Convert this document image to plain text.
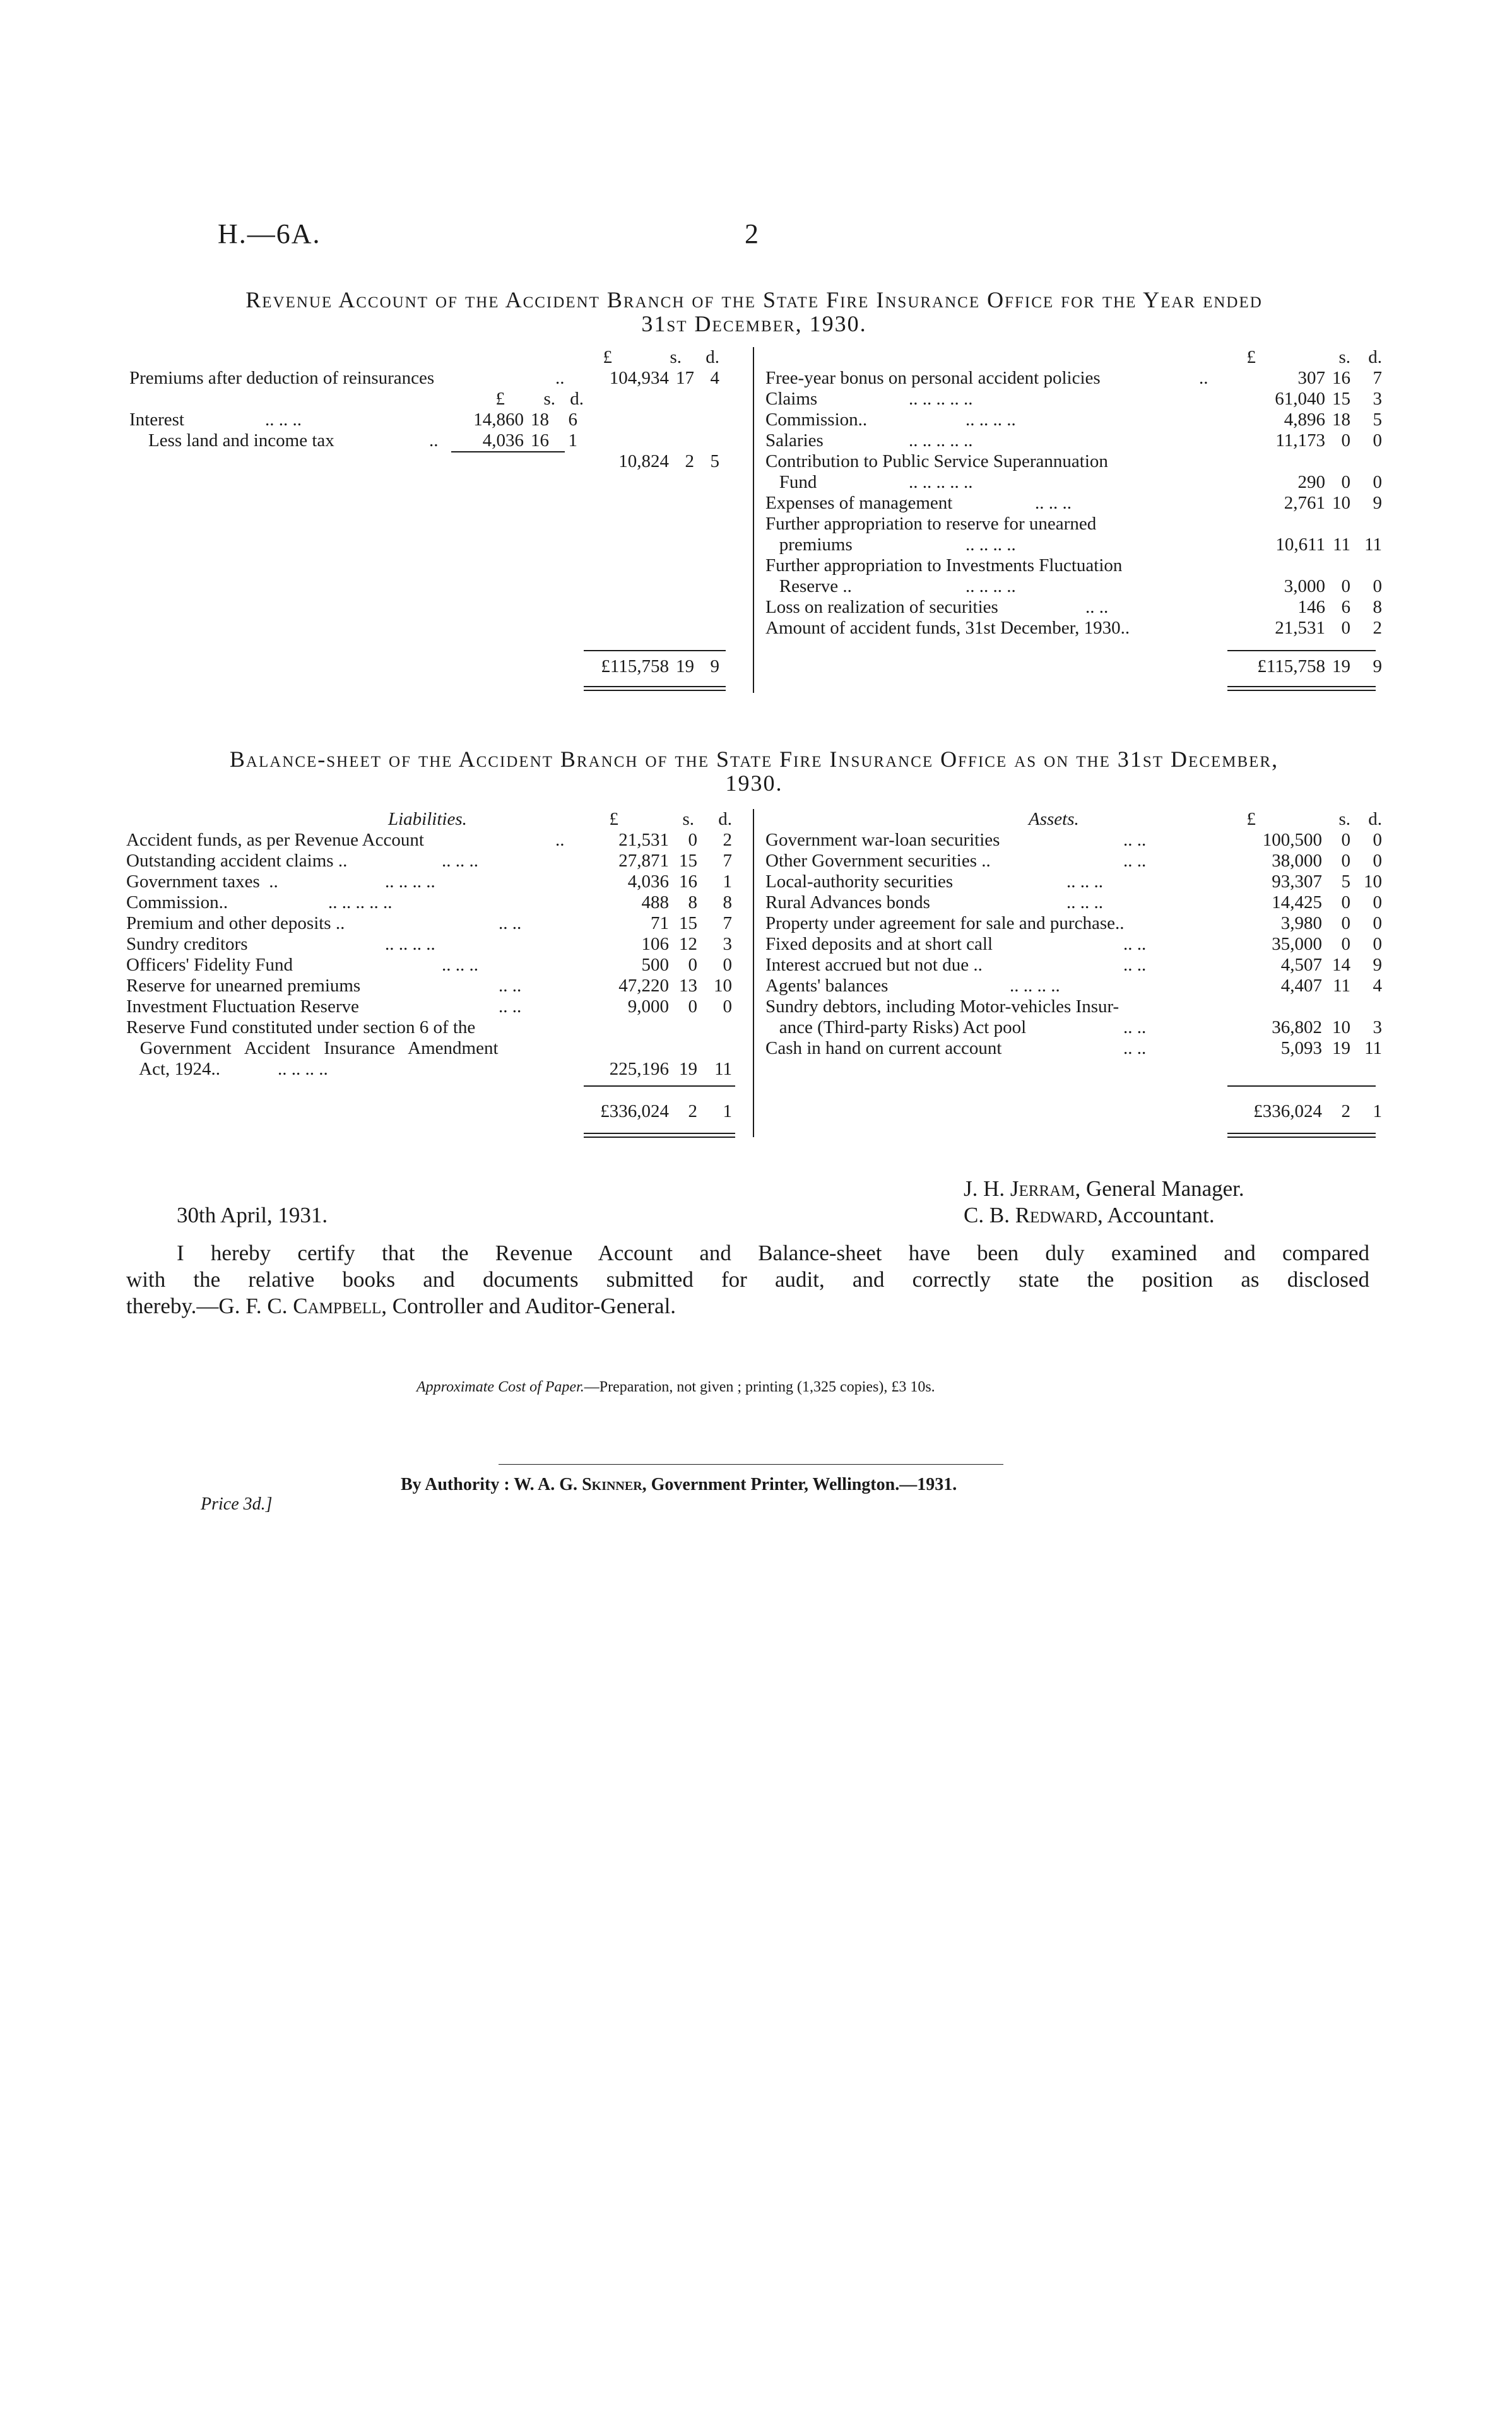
H.—6A.	2
Revenue Account of the Accident Branch of the State Fire Insurance Office for the Year ended
31st December, 1930.
£	s.	d.
Premiums after deduction of reinsurances	..	104,934 17 4
£	s. d.
Interest	.. .. ..	14,860 18	6
Less land and income tax	..	4,036 16	1
10,824 2 5
£115,758 19 9
£	s. d.
Free-year bonus on personal accident policies	..	307 16	7
Claims	.. .. .. .. ..	61,040 15	3
Commission..	.. .. .. ..	4,896 18	5
Salaries	.. .. .. .. ..	11,173 0	0
Contribution to Public Service Superannuation
Fund	.. .. .. .. ..	290 0	0
Expenses of management	.. .. ..	2,761 10	9
Further appropriation to reserve for unearned
premiums	.. .. .. ..	10,611 11 11
Further appropriation to Investments Fluctuation
Reserve ..	.. .. .. ..	3,000 0	0
Loss on realization of securities	.. ..	146 6	8
Amount of accident funds, 31st December, 1930..	21,531 0	2
£115,758 19	9
Balance-sheet of the Accident Branch of the State Fire Insurance Office as on the 31st December,
1930.
Liabilities.	£	s.	d.
Accident funds, as per Revenue Account	..	21,531	0	2
Outstanding accident claims ..	.. .. ..	27,871 15	7
Government taxes  ..	.. .. .. ..	4,036 16	1
Commission..	.. .. .. .. ..	488	8	8
Premium and other deposits ..	.. ..	71 15	7
Sundry creditors	.. .. .. ..	106 12	3
Officers' Fidelity Fund	.. .. ..	500	0	0
Reserve for unearned premiums	.. ..	47,220 13 10
Investment Fluctuation Reserve	.. ..	9,000	0	0
Reserve Fund constituted under section 6 of the
Government   Accident   Insurance   Amendment
Act, 1924..	.. .. .. ..	225,196 19 11
£336,024	2	1
Assets.	£	s. d.
Government war-loan securities	.. ..	100,500	0	0
Other Government securities ..	.. ..	38,000	0	0
Local-authority securities	.. .. ..	93,307	5 10
Rural Advances bonds	.. .. ..	14,425	0	0
Property under agreement for sale and purchase..	3,980	0	0
Fixed deposits and at short call	.. ..	35,000	0	0
Interest accrued but not due ..	.. ..	4,507 14	9
Agents' balances	.. .. .. ..	4,407 11	4
Sundry debtors, including Motor-vehicles Insur-
ance (Third-party Risks) Act pool	.. ..	36,802 10	3
Cash in hand on current account	.. ..	5,093 19 11
£336,024	2	1
J. H. Jerram, General Manager.
30th April, 1931.	C. B. Redward, Accountant.
I hereby certify that the Revenue Account and Balance-sheet have been duly examined and compared
with the relative books and documents submitted for audit, and correctly state the position as disclosed
thereby.—G. F. C. Campbell, Controller and Auditor-General.
Approximate Cost of Paper.—Preparation, not given ; printing (1,325 copies), £3 10s.
By Authority : W. A. G. Skinner, Government Printer, Wellington.—1931.
Price 3d.]
